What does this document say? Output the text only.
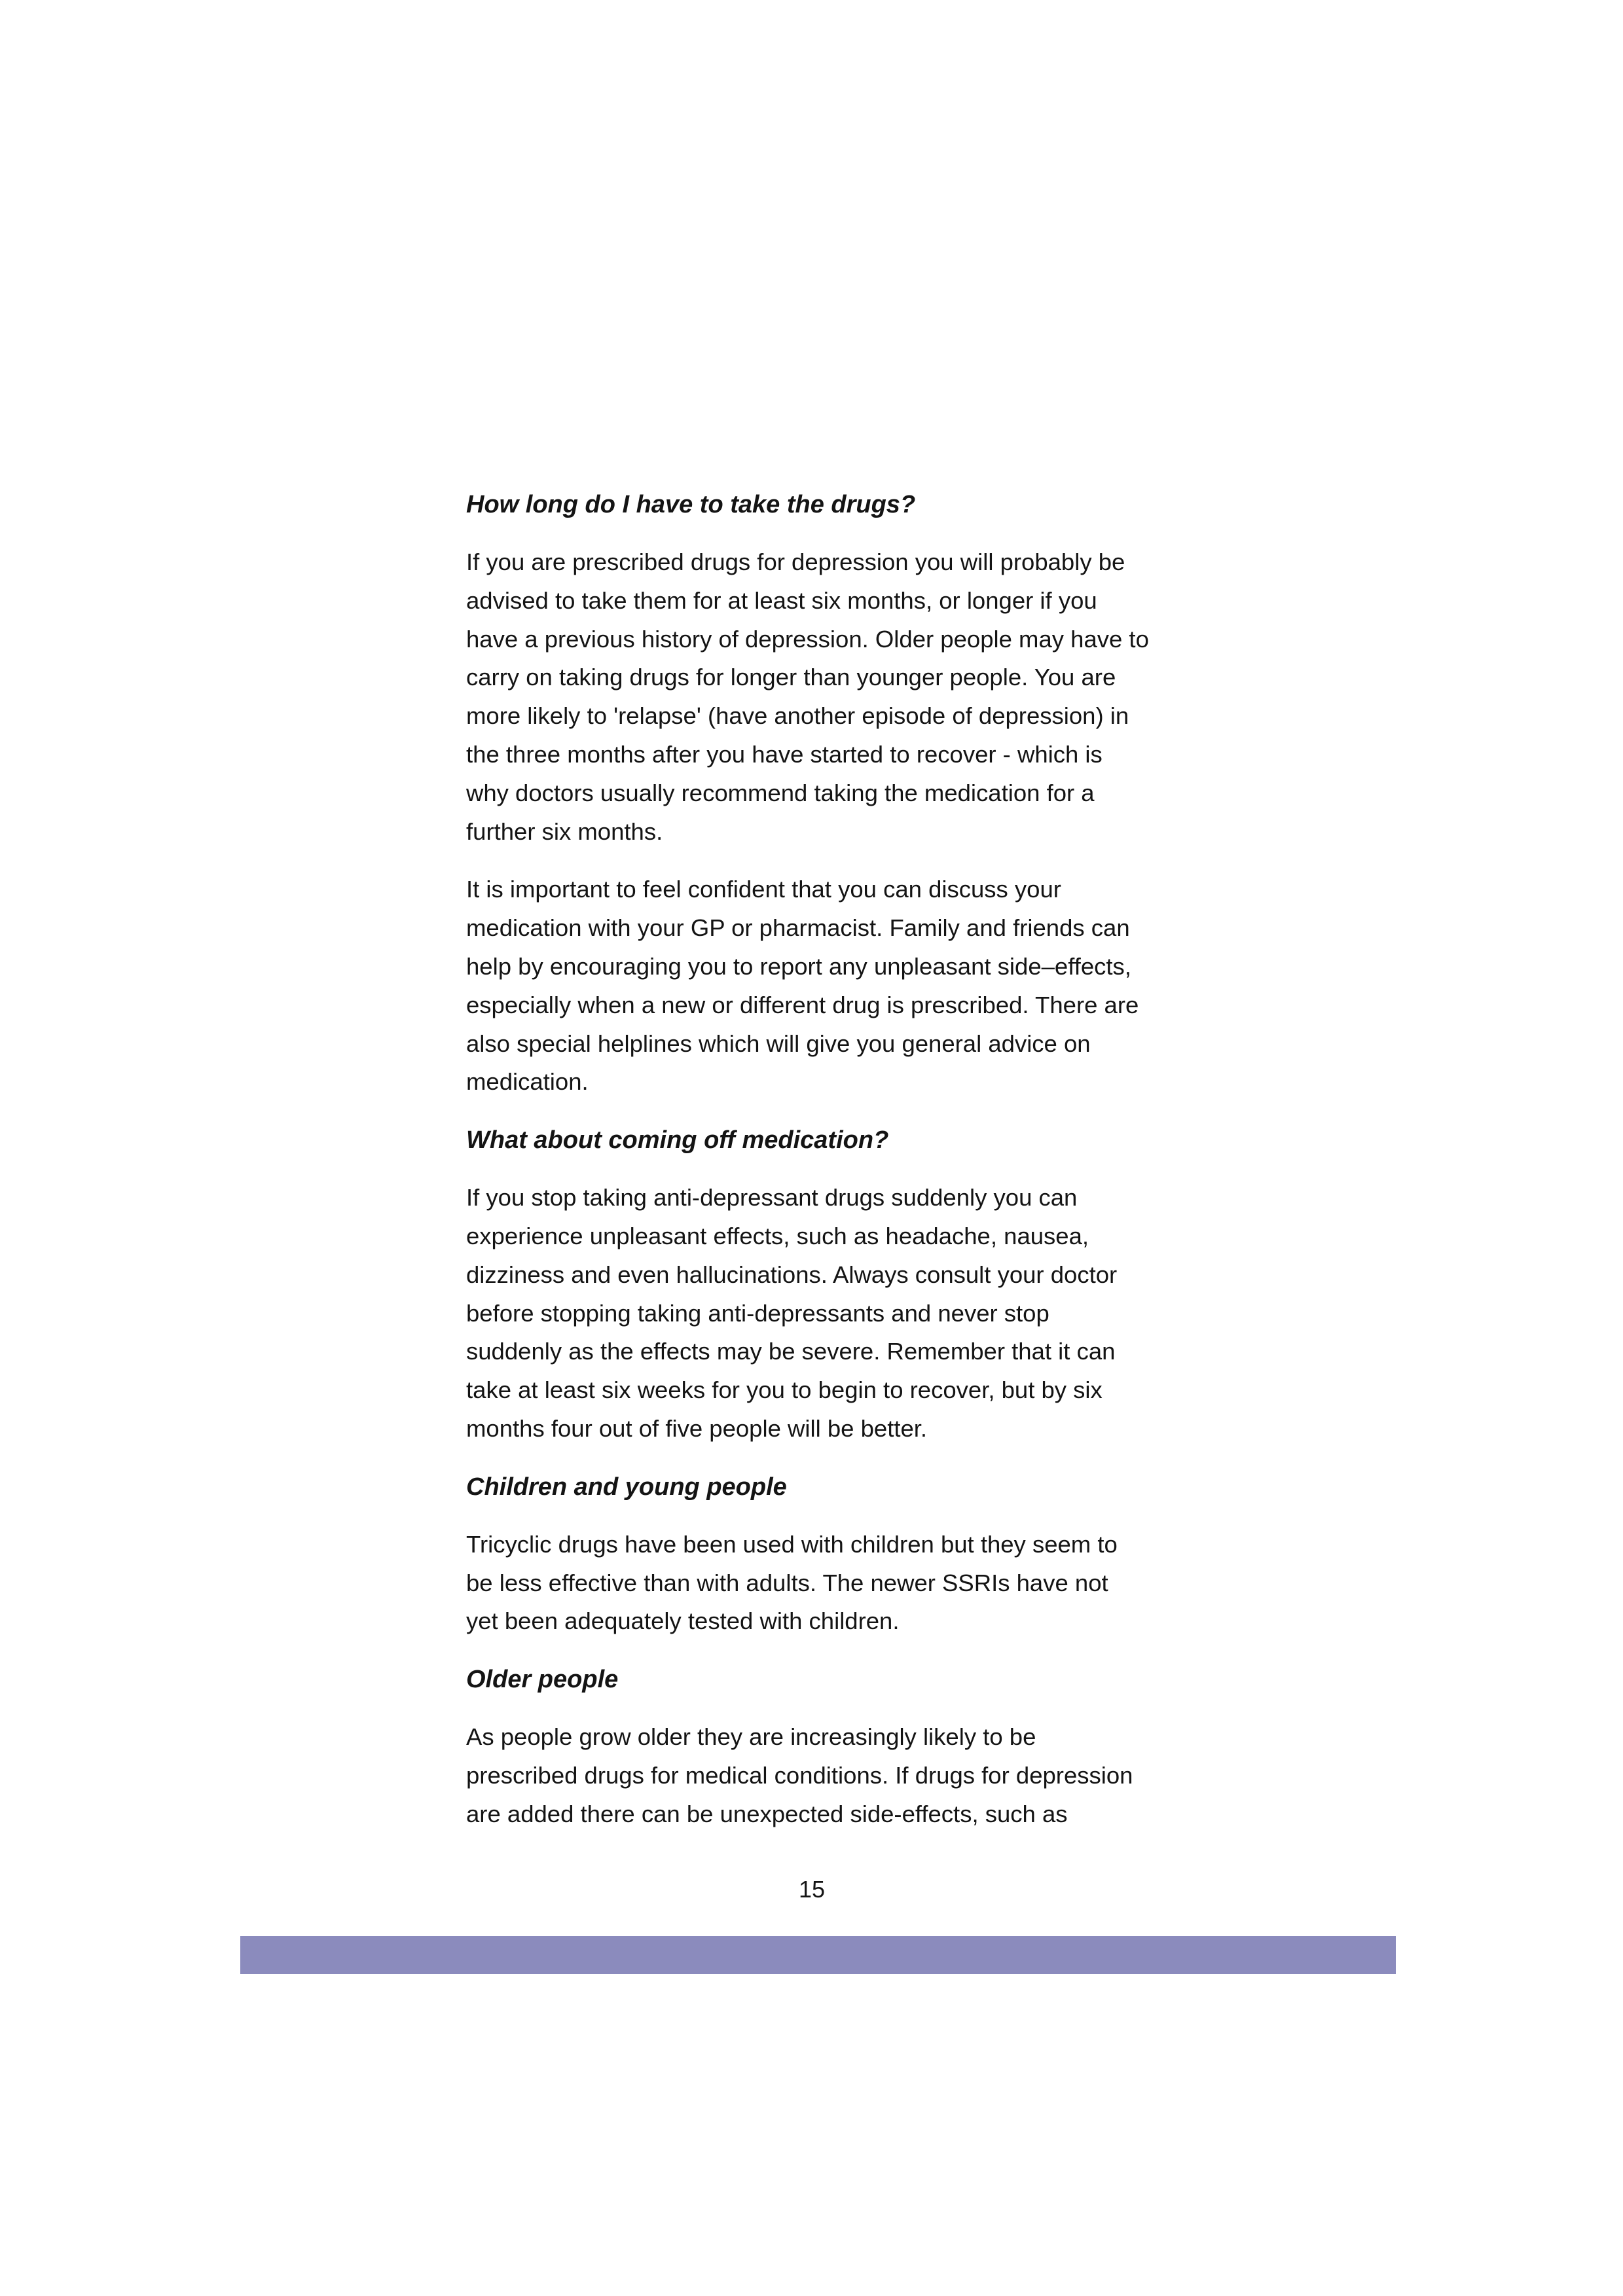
How long do I have to take the drugs?
If you are prescribed drugs for depression you will probably be
advised to take them for at least six months, or longer if you
have a previous history of depression. Older people may have to
carry on taking drugs for longer than younger people. You are
more likely to 'relapse' (have another episode of depression) in
the three months after you have started to recover - which is
why doctors usually recommend taking the medication for a
further six months.
It is important to feel confident that you can discuss your
medication with your GP or pharmacist. Family and friends can
help by encouraging you to report any unpleasant side–effects,
especially when a new or different drug is prescribed. There are
also special helplines which will give you general advice on
medication.
What about coming off medication?
If you stop taking anti-depressant drugs suddenly you can
experience unpleasant effects, such as headache, nausea,
dizziness and even hallucinations. Always consult your doctor
before stopping taking anti-depressants and never stop
suddenly as the effects may be severe. Remember that it can
take at least six weeks for you to begin to recover, but by six
months four out of five people will be better.
Children and young people
Tricyclic drugs have been used with children but they seem to
be less effective than with adults. The newer SSRIs have not
yet been adequately tested with children.
Older people
As people grow older they are increasingly likely to be
prescribed drugs for medical conditions. If drugs for depression
are added there can be unexpected side-effects, such as
15
